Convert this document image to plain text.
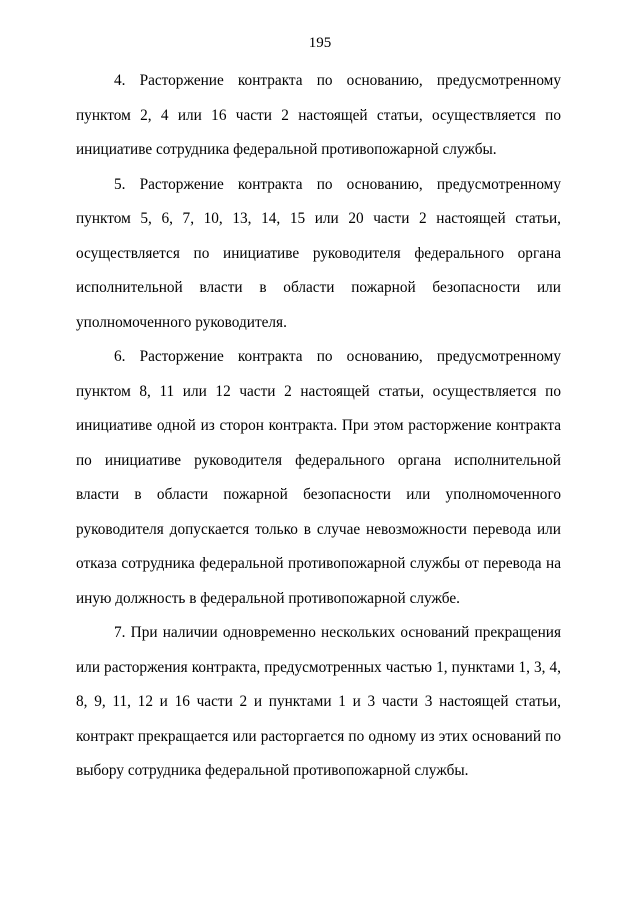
195

4. Расторжение контракта по основанию, предусмотренному пунктом 2, 4 или 16 части 2 настоящей статьи, осуществляется по инициативе сотрудника федеральной противопожарной службы.

5. Расторжение контракта по основанию, предусмотренному пунктом 5, 6, 7, 10, 13, 14, 15 или 20 части 2 настоящей статьи, осуществляется по инициативе руководителя федерального органа исполнительной власти в области пожарной безопасности или уполномоченного руководителя.

6. Расторжение контракта по основанию, предусмотренному пунктом 8, 11 или 12 части 2 настоящей статьи, осуществляется по инициативе одной из сторон контракта. При этом расторжение контракта по инициативе руководителя федерального органа исполнительной власти в области пожарной безопасности или уполномоченного руководителя допускается только в случае невозможности перевода или отказа сотрудника федеральной противопожарной службы от перевода на иную должность в федеральной противопожарной службе.

7. При наличии одновременно нескольких оснований прекращения или расторжения контракта, предусмотренных частью 1, пунктами 1, 3, 4, 8, 9, 11, 12 и 16 части 2 и пунктами 1 и 3 части 3 настоящей статьи, контракт прекращается или расторгается по одному из этих оснований по выбору сотрудника федеральной противопожарной службы.
